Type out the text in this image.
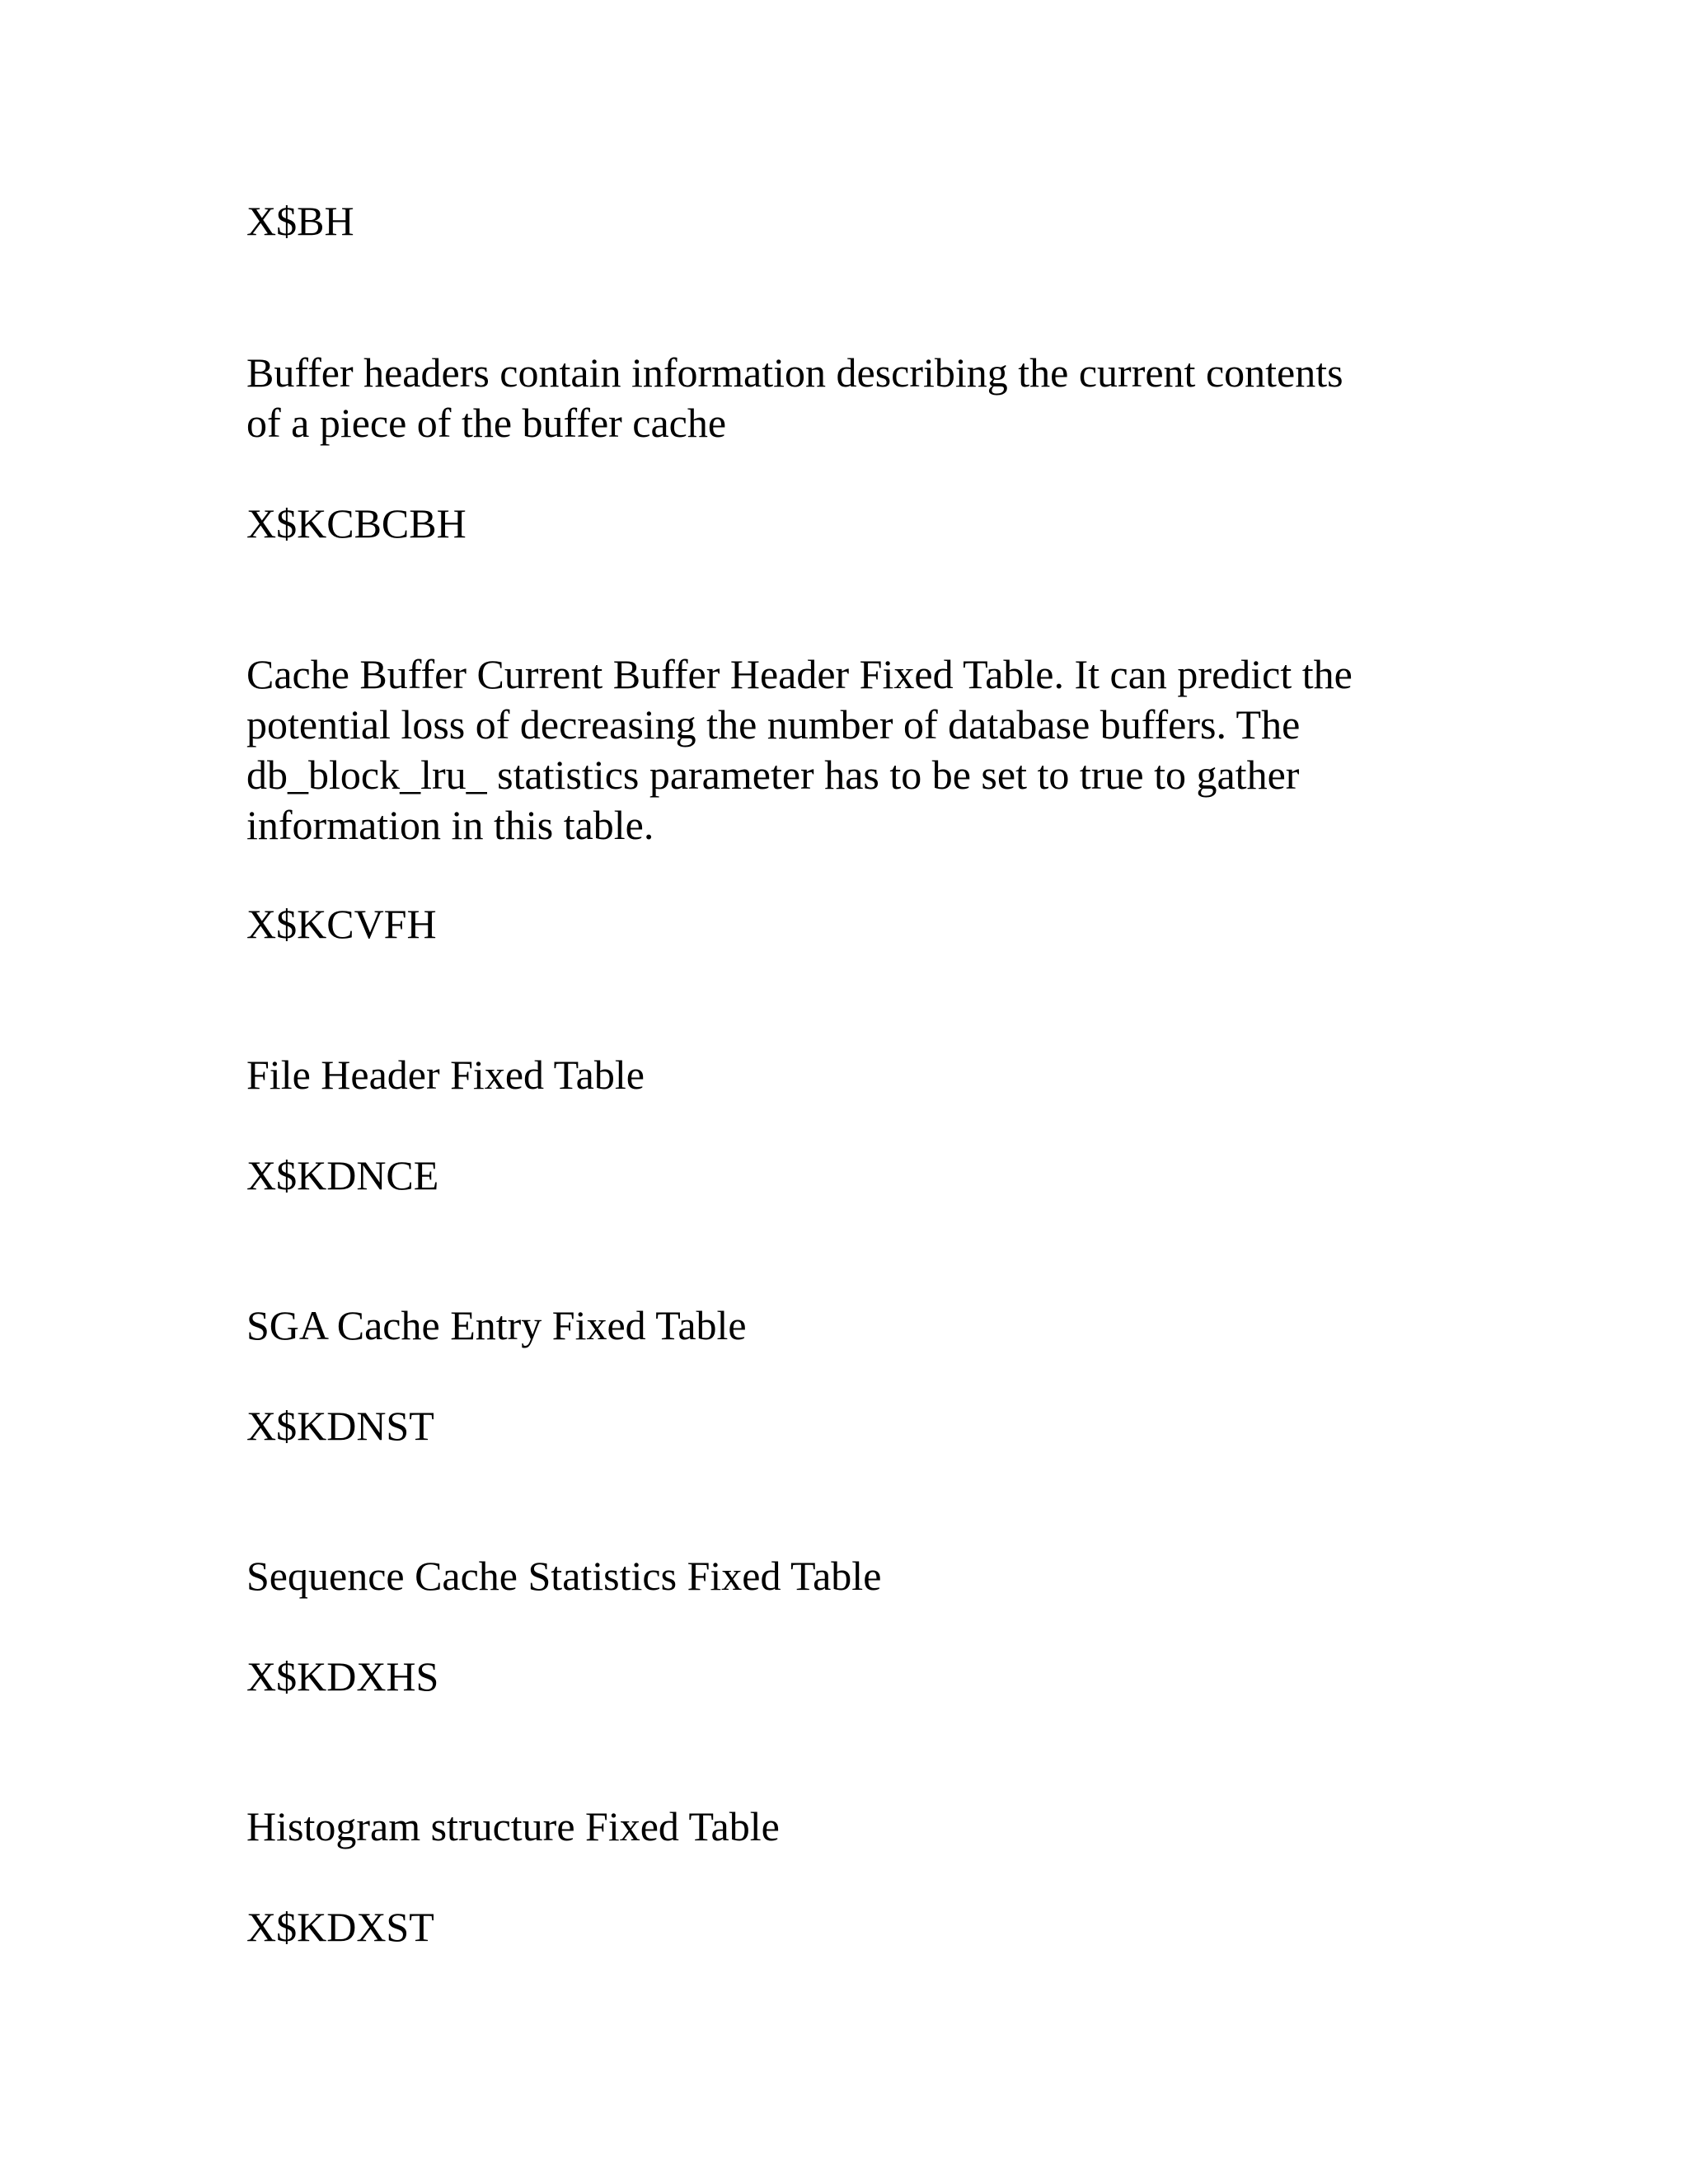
X$BH

Buffer headers contain information describing the current contents

of a piece of the buffer cache

X$KCBCBH

Cache Buffer Current Buffer Header Fixed Table. It can predict the

potential loss of decreasing the number of database buffers. The

db_block_lru_ statistics parameter has to be set to true to gather

information in this table.

X$KCVFH

File Header Fixed Table

X$KDNCE

SGA Cache Entry Fixed Table

X$KDNST

Sequence Cache Statistics Fixed Table

X$KDXHS

Histogram structure Fixed Table

X$KDXST
